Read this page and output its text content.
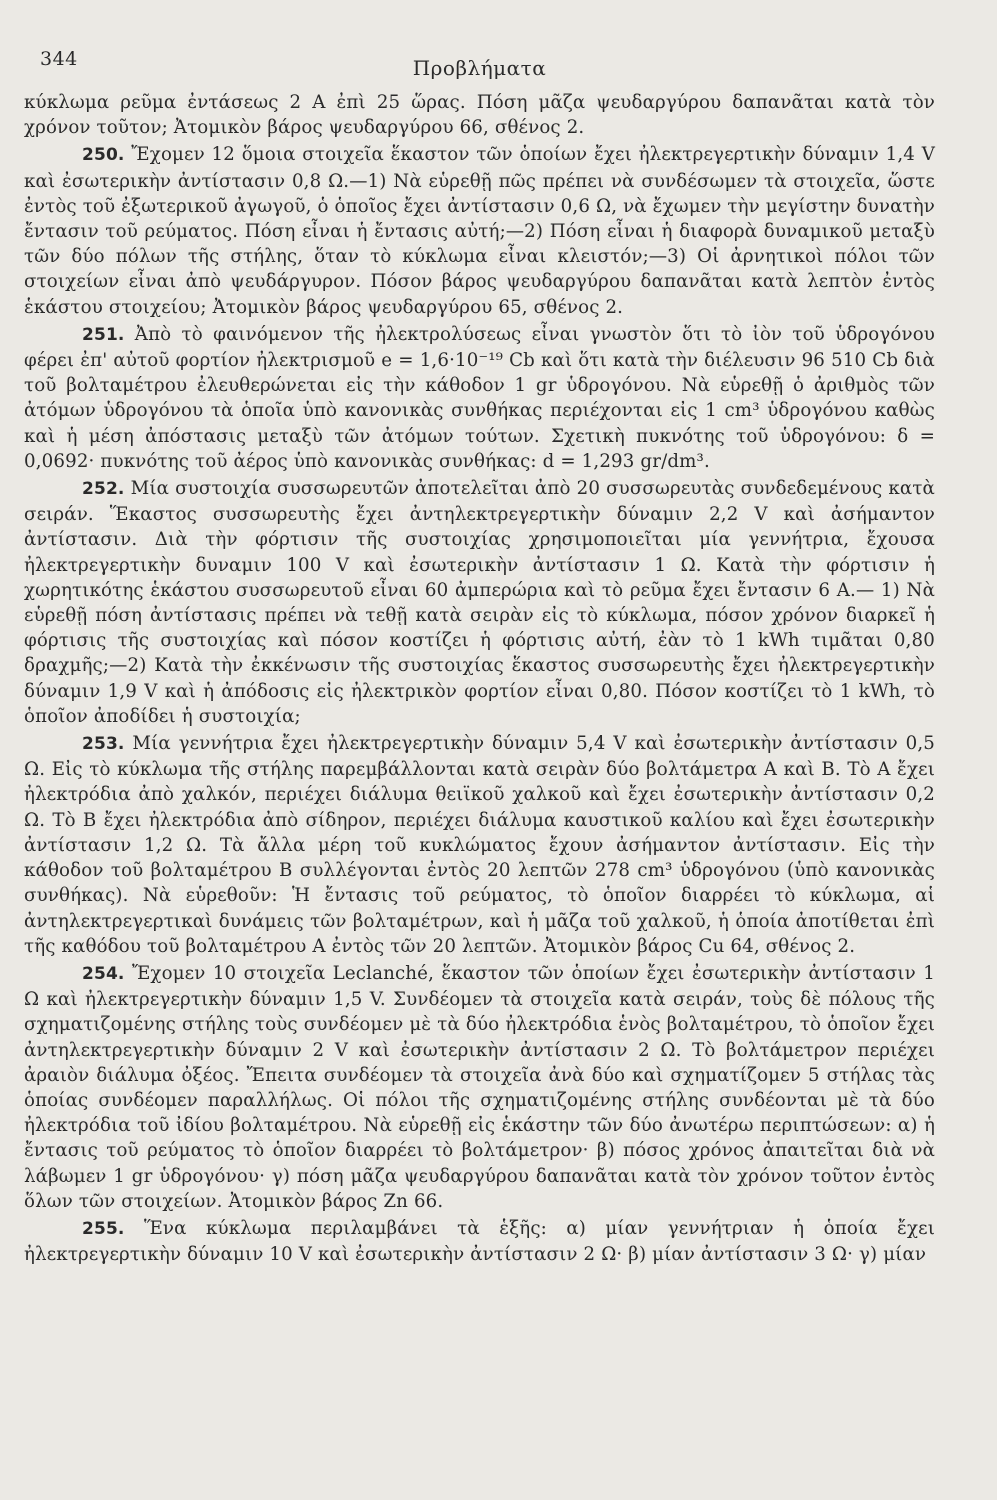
344	Προβλήματα

κύκλωμα ρεῦμα ἐντάσεως 2 Α ἐπὶ 25 ὥρας. Πόση μᾶζα ψευδαργύρου δαπανᾶται κατὰ τὸν χρόνον τοῦτον; Ἀτομικὸν βάρος ψευδαργύρου 66, σθένος 2.

250. Ἔχομεν 12 ὅμοια στοιχεῖα ἕκαστον τῶν ὁποίων ἔχει ἠλεκτρεγερτικὴν δύναμιν 1,4 V καὶ ἐσωτερικὴν ἀντίστασιν 0,8 Ω.—1) Νὰ εὑρεθῇ πῶς πρέπει νὰ συνδέσωμεν τὰ στοιχεῖα, ὥστε ἐντὸς τοῦ ἐξωτερικοῦ ἀγωγοῦ, ὁ ὁποῖος ἔχει ἀντίστασιν 0,6 Ω, νὰ ἔχωμεν τὴν μεγίστην δυνατὴν ἔντασιν τοῦ ρεύματος. Πόση εἶναι ἡ ἔντασις αὐτή;—2) Πόση εἶναι ἡ διαφορὰ δυναμικοῦ μεταξὺ τῶν δύο πόλων τῆς στήλης, ὅταν τὸ κύκλωμα εἶναι κλειστόν;—3) Οἱ ἀρνητικοὶ πόλοι τῶν στοιχείων εἶναι ἀπὸ ψευδάργυρον. Πόσον βάρος ψευδαργύρου δαπανᾶται κατὰ λεπτὸν ἐντὸς ἑκάστου στοιχείου; Ἀτομικὸν βάρος ψευδαργύρου 65, σθένος 2.

251. Ἀπὸ τὸ φαινόμενον τῆς ἠλεκτρολύσεως εἶναι γνωστὸν ὅτι τὸ ἰὸν τοῦ ὑδρογόνου φέρει ἐπ' αὐτοῦ φορτίον ἠλεκτρισμοῦ e = 1,6·10⁻¹⁹ Cb καὶ ὅτι κατὰ τὴν διέλευσιν 96 510 Cb διὰ τοῦ βολταμέτρου ἐλευθερώνεται εἰς τὴν κάθοδον 1 gr ὑδρογόνου. Νὰ εὑρεθῇ ὁ ἀριθμὸς τῶν ἀτόμων ὑδρογόνου τὰ ὁποῖα ὑπὸ κανονικὰς συνθήκας περιέχονται εἰς 1 cm³ ὑδρογόνου καθὼς καὶ ἡ μέση ἀπόστασις μεταξὺ τῶν ἀτόμων τούτων. Σχετικὴ πυκνότης τοῦ ὑδρογόνου: δ = 0,0692· πυκνότης τοῦ ἀέρος ὑπὸ κανονικὰς συνθήκας: d = 1,293 gr/dm³.

252. Μία συστοιχία συσσωρευτῶν ἀποτελεῖται ἀπὸ 20 συσσωρευτὰς συνδεδεμένους κατὰ σειράν. Ἕκαστος συσσωρευτὴς ἔχει ἀντηλεκτρεγερτικὴν δύναμιν 2,2 V καὶ ἀσήμαντον ἀντίστασιν. Διὰ τὴν φόρτισιν τῆς συστοιχίας χρησιμοποιεῖται μία γεννήτρια, ἔχουσα ἠλεκτρεγερτικὴν δυναμιν 100 V καὶ ἐσωτερικὴν ἀντίστασιν 1 Ω. Κατὰ τὴν φόρτισιν ἡ χωρητικότης ἑκάστου συσσωρευτοῦ εἶναι 60 ἀμπερώρια καὶ τὸ ρεῦμα ἔχει ἔντασιν 6 Α.— 1) Νὰ εὑρεθῇ πόση ἀντίστασις πρέπει νὰ τεθῇ κατὰ σειρὰν εἰς τὸ κύκλωμα, πόσον χρόνον διαρκεῖ ἡ φόρτισις τῆς συστοιχίας καὶ πόσον κοστίζει ἡ φόρτισις αὐτή, ἐὰν τὸ 1 kWh τιμᾶται 0,80 δραχμῆς;—2) Κατὰ τὴν ἐκκένωσιν τῆς συστοιχίας ἕκαστος συσσωρευτὴς ἔχει ἠλεκτρεγερτικὴν δύναμιν 1,9 V καὶ ἡ ἀπόδοσις εἰς ἠλεκτρικὸν φορτίον εἶναι 0,80. Πόσον κοστίζει τὸ 1 kWh, τὸ ὁποῖον ἀποδίδει ἡ συστοιχία;

253. Μία γεννήτρια ἔχει ἠλεκτρεγερτικὴν δύναμιν 5,4 V καὶ ἐσωτερικὴν ἀντίστασιν 0,5 Ω. Εἰς τὸ κύκλωμα τῆς στήλης παρεμβάλλονται κατὰ σειρὰν δύο βολτάμετρα Α καὶ Β. Τὸ Α ἔχει ἠλεκτρόδια ἀπὸ χαλκόν, περιέχει διάλυμα θειϊκοῦ χαλκοῦ καὶ ἔχει ἐσωτερικὴν ἀντίστασιν 0,2 Ω. Τὸ Β ἔχει ἠλεκτρόδια ἀπὸ σίδηρον, περιέχει διάλυμα καυστικοῦ καλίου καὶ ἔχει ἐσωτερικὴν ἀντίστασιν 1,2 Ω. Τὰ ἄλλα μέρη τοῦ κυκλώματος ἔχουν ἀσήμαντον ἀντίστασιν. Εἰς τὴν κάθοδον τοῦ βολταμέτρου Β συλλέγονται ἐντὸς 20 λεπτῶν 278 cm³ ὑδρογόνου (ὑπὸ κανονικὰς συνθήκας). Νὰ εὑρεθοῦν: Ἡ ἔντασις τοῦ ρεύματος, τὸ ὁποῖον διαρρέει τὸ κύκλωμα, αἱ ἀντηλεκτρεγερτικαὶ δυνάμεις τῶν βολταμέτρων, καὶ ἡ μᾶζα τοῦ χαλκοῦ, ἡ ὁποία ἀποτίθεται ἐπὶ τῆς καθόδου τοῦ βολταμέτρου Α ἐντὸς τῶν 20 λεπτῶν. Ἀτομικὸν βάρος Cu 64, σθένος 2.

254. Ἔχομεν 10 στοιχεῖα Leclanché, ἕκαστον τῶν ὁποίων ἔχει ἐσωτερικὴν ἀντίστασιν 1 Ω καὶ ἠλεκτρεγερτικὴν δύναμιν 1,5 V. Συνδέομεν τὰ στοιχεῖα κατὰ σειράν, τοὺς δὲ πόλους τῆς σχηματιζομένης στήλης τοὺς συνδέομεν μὲ τὰ δύο ἠλεκτρόδια ἑνὸς βολταμέτρου, τὸ ὁποῖον ἔχει ἀντηλεκτρεγερτικὴν δύναμιν 2 V καὶ ἐσωτερικὴν ἀντίστασιν 2 Ω. Τὸ βολτάμετρον περιέχει ἀραιὸν διάλυμα ὀξέος. Ἔπειτα συνδέομεν τὰ στοιχεῖα ἀνὰ δύο καὶ σχηματίζομεν 5 στήλας τὰς ὁποίας συνδέομεν παραλλήλως. Οἱ πόλοι τῆς σχηματιζομένης στήλης συνδέονται μὲ τὰ δύο ἠλεκτρόδια τοῦ ἰδίου βολταμέτρου. Νὰ εὑρεθῇ εἰς ἑκάστην τῶν δύο ἀνωτέρω περιπτώσεων: α) ἡ ἔντασις τοῦ ρεύματος τὸ ὁποῖον διαρρέει τὸ βολτάμετρον· β) πόσος χρόνος ἀπαιτεῖται διὰ νὰ λάβωμεν 1 gr ὑδρογόνου· γ) πόση μᾶζα ψευδαργύρου δαπανᾶται κατὰ τὸν χρόνον τοῦτον ἐντὸς ὅλων τῶν στοιχείων. Ἀτομικὸν βάρος Zn 66.

255. Ἕνα κύκλωμα περιλαμβάνει τὰ ἑξῆς: α) μίαν γεννήτριαν ἡ ὁποία ἔχει ἠλεκτρεγερτικὴν δύναμιν 10 V καὶ ἐσωτερικὴν ἀντίστασιν 2 Ω· β) μίαν ἀντίστασιν 3 Ω· γ) μίαν
